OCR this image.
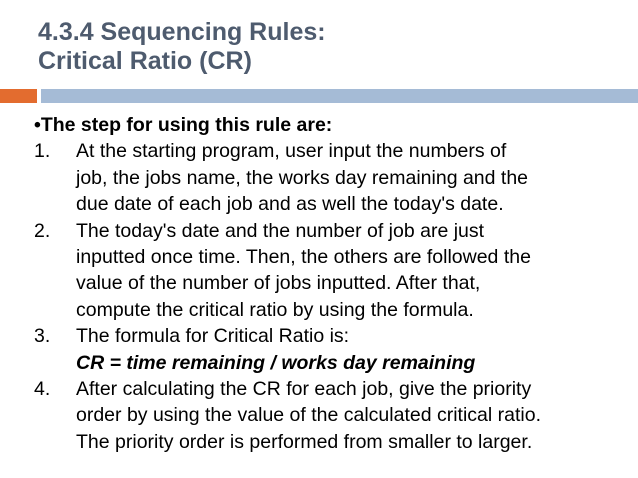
4.3.4 Sequencing Rules:
Critical Ratio (CR)
•The step for using this rule are:
1.	At the starting program, user input the numbers of
job, the jobs name, the works day remaining and the
due date of each job and as well the today's date.
2.	The today's date and the number of job are just
inputted once time. Then, the others are followed the
value of the number of jobs inputted. After that,
compute the critical ratio by using the formula.
3.	The formula for Critical Ratio is:
CR = time remaining / works day remaining
4.	After calculating the CR for each job, give the priority
order by using the value of the calculated critical ratio.
The priority order is performed from smaller to larger.
